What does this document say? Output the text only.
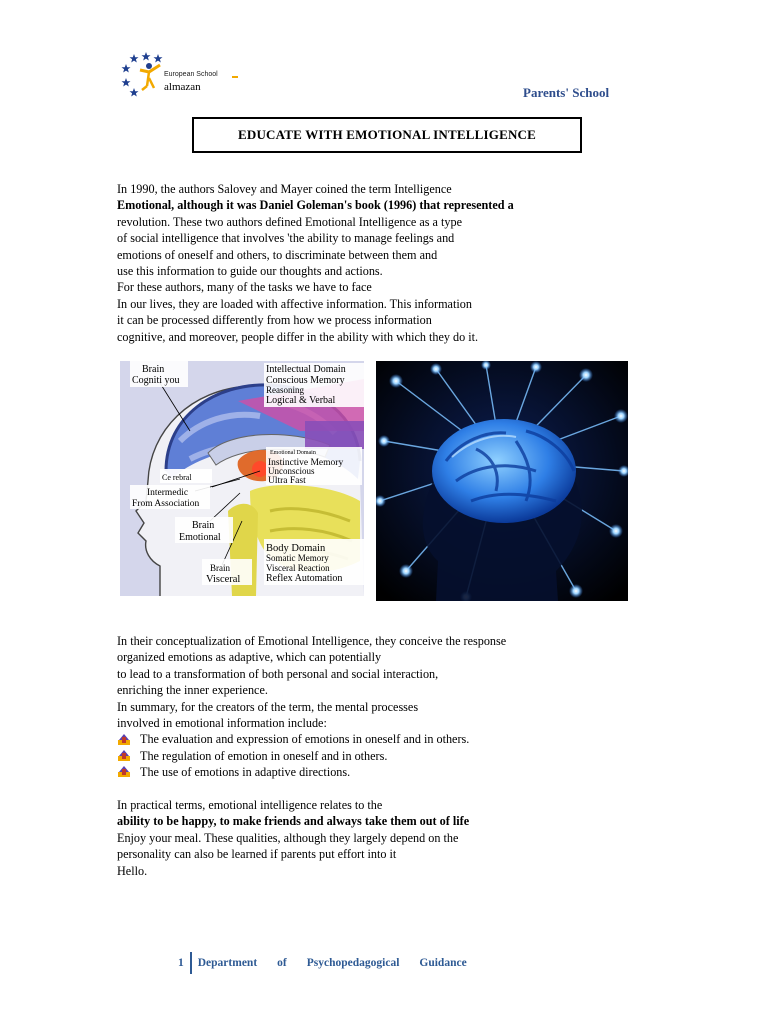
European School
almazan	Parents' School
EDUCATE WITH EMOTIONAL INTELLIGENCE
In 1990, the authors Salovey and Mayer coined the term Intelligence
Emotional, although it was Daniel Goleman's book (1996) that represented a
revolution. These two authors defined Emotional Intelligence as a type
of social intelligence that involves 'the ability to manage feelings and
emotions of oneself and others, to discriminate between them and
use this information to guide our thoughts and actions.
For these authors, many of the tasks we have to face
In our lives, they are loaded with affective information. This information
it can be processed differently from how we process information
cognitive, and moreover, people differ in the ability with which they do it.
Brain
Cogniti you
Intellectual Domain
Conscious Memory
Reasoning
Logical & Verbal
Emotional Domain
Instinctive Memory
Unconscious
Ultra Fast
Ce rebral
Intermedic
From Association
Brain
Emotional
Body Domain
Somatic Memory
Visceral Reaction
Reflex Automation
Brain
Visceral
In their conceptualization of Emotional Intelligence, they conceive the response
organized emotions as adaptive, which can potentially
to lead to a transformation of both personal and social interaction,
enriching the inner experience.
In summary, for the creators of the term, the mental processes
involved in emotional information include:
The evaluation and expression of emotions in oneself and in others.
The regulation of emotion in oneself and in others.
The use of emotions in adaptive directions.
In practical terms, emotional intelligence relates to the
ability to be happy, to make friends and always take them out of life
Enjoy your meal. These qualities, although they largely depend on the
personality can also be learned if parents put effort into it
Hello.
1 Department of Psychopedagogical Guidance
